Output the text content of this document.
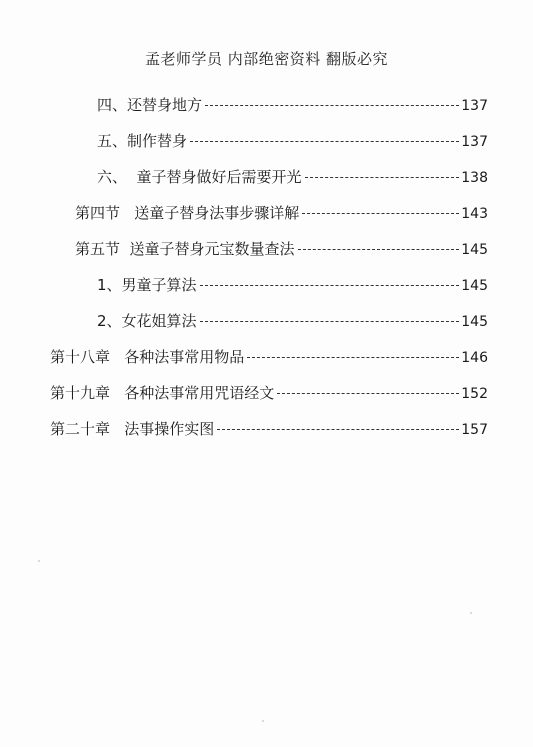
孟老师学员 内部绝密资料 翻版必究
四、还替身地方	137
五、制作替身	137
六、  童子替身做好后需要开光	138
第四节   送童子替身法事步骤详解	143
第五节  送童子替身元宝数量查法	145
1、男童子算法	145
2、女花姐算法	145
第十八章   各种法事常用物品	146
第十九章   各种法事常用咒语经文	152
第二十章   法事操作实图	157
